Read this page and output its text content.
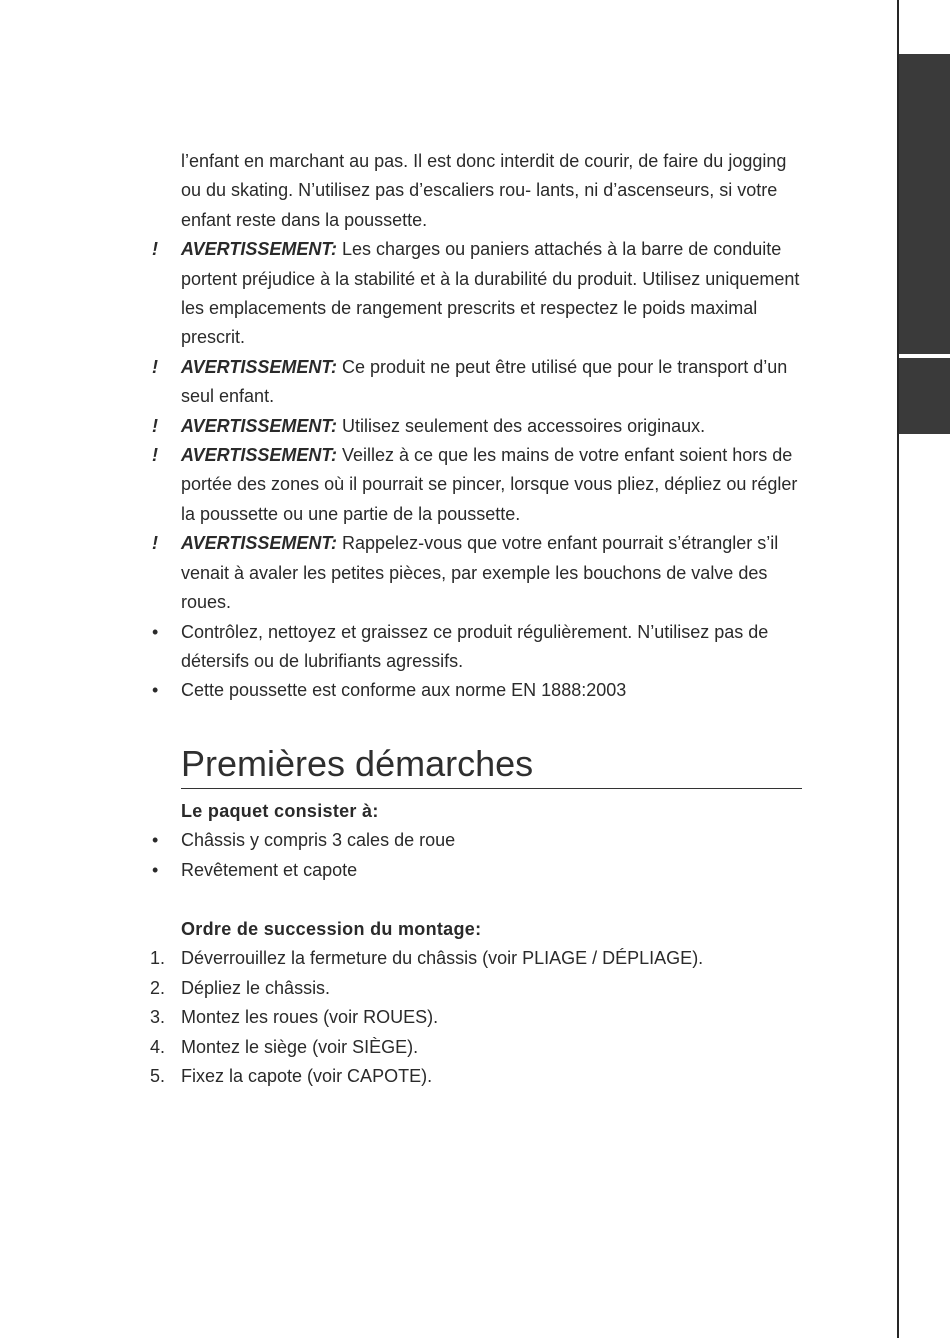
l’enfant en marchant au pas. Il est donc interdit de courir, de faire du jogging ou du skating. N’utilisez pas d’escaliers rou- lants, ni d’ascenseurs, si votre enfant reste dans la poussette.
!	AVERTISSEMENT: Les charges ou paniers attachés à la barre de conduite portent préjudice à la stabilité et à la durabilité du produit. Utilisez uniquement les emplacements de rangement prescrits et respectez le poids maximal prescrit.
!	AVERTISSEMENT: Ce produit ne peut être utilisé que pour le transport d’un seul enfant.
!	AVERTISSEMENT: Utilisez seulement des accessoires originaux.
!	AVERTISSEMENT: Veillez à ce que les mains de votre enfant soient hors de portée des zones où il pourrait se pincer, lorsque vous pliez, dépliez ou régler la poussette ou une partie de la poussette.
!	AVERTISSEMENT: Rappelez-vous que votre enfant pourrait s’étrangler s’il venait à avaler les petites pièces, par exemple les bouchons de valve des roues.
•	Contrôlez, nettoyez et graissez ce produit régulièrement. N’utilisez pas de détersifs ou de lubrifiants agressifs.
•	Cette poussette est conforme aux norme EN 1888:2003
Premières démarches
Le paquet consister à:
•	Châssis y compris 3 cales de roue
•	Revêtement et capote
Ordre de succession du montage:
1. Déverrouillez la fermeture du châssis (voir PLIAGE / DÉPLIAGE).
2. Dépliez le châssis.
3. Montez les roues (voir ROUES).
4. Montez le siège (voir SIÈGE).
5. Fixez la capote (voir CAPOTE).
